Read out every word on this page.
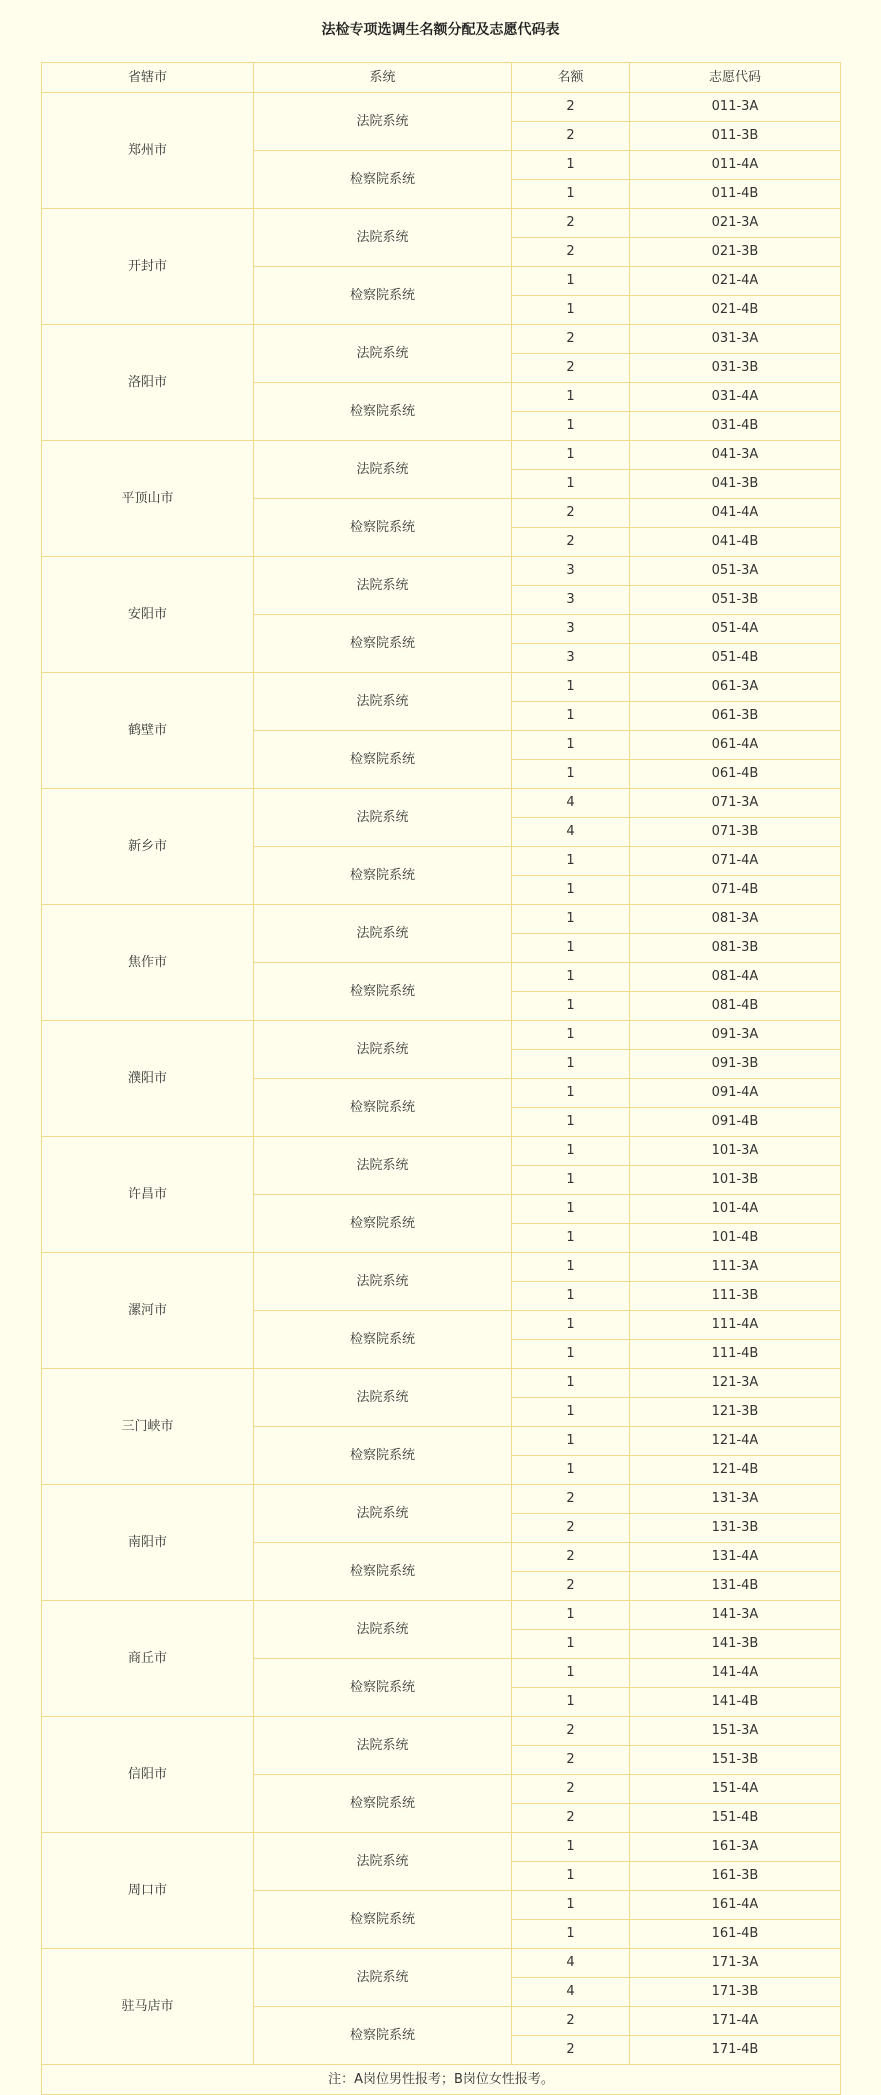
法检专项选调生名额分配及志愿代码表
省辖市	系统	名额	志愿代码
郑州市	法院系统	2	011-3A
		2	011-3B
	检察院系统	1	011-4A
		1	011-4B
开封市	法院系统	2	021-3A
		2	021-3B
	检察院系统	1	021-4A
		1	021-4B
洛阳市	法院系统	2	031-3A
		2	031-3B
	检察院系统	1	031-4A
		1	031-4B
平顶山市	法院系统	1	041-3A
		1	041-3B
	检察院系统	2	041-4A
		2	041-4B
安阳市	法院系统	3	051-3A
		3	051-3B
	检察院系统	3	051-4A
		3	051-4B
鹤壁市	法院系统	1	061-3A
		1	061-3B
	检察院系统	1	061-4A
		1	061-4B
新乡市	法院系统	4	071-3A
		4	071-3B
	检察院系统	1	071-4A
		1	071-4B
焦作市	法院系统	1	081-3A
		1	081-3B
	检察院系统	1	081-4A
		1	081-4B
濮阳市	法院系统	1	091-3A
		1	091-3B
	检察院系统	1	091-4A
		1	091-4B
许昌市	法院系统	1	101-3A
		1	101-3B
	检察院系统	1	101-4A
		1	101-4B
漯河市	法院系统	1	111-3A
		1	111-3B
	检察院系统	1	111-4A
		1	111-4B
三门峡市	法院系统	1	121-3A
		1	121-3B
	检察院系统	1	121-4A
		1	121-4B
南阳市	法院系统	2	131-3A
		2	131-3B
	检察院系统	2	131-4A
		2	131-4B
商丘市	法院系统	1	141-3A
		1	141-3B
	检察院系统	1	141-4A
		1	141-4B
信阳市	法院系统	2	151-3A
		2	151-3B
	检察院系统	2	151-4A
		2	151-4B
周口市	法院系统	1	161-3A
		1	161-3B
	检察院系统	1	161-4A
		1	161-4B
驻马店市	法院系统	4	171-3A
		4	171-3B
	检察院系统	2	171-4A
		2	171-4B
注：A岗位男性报考；B岗位女性报考。			
